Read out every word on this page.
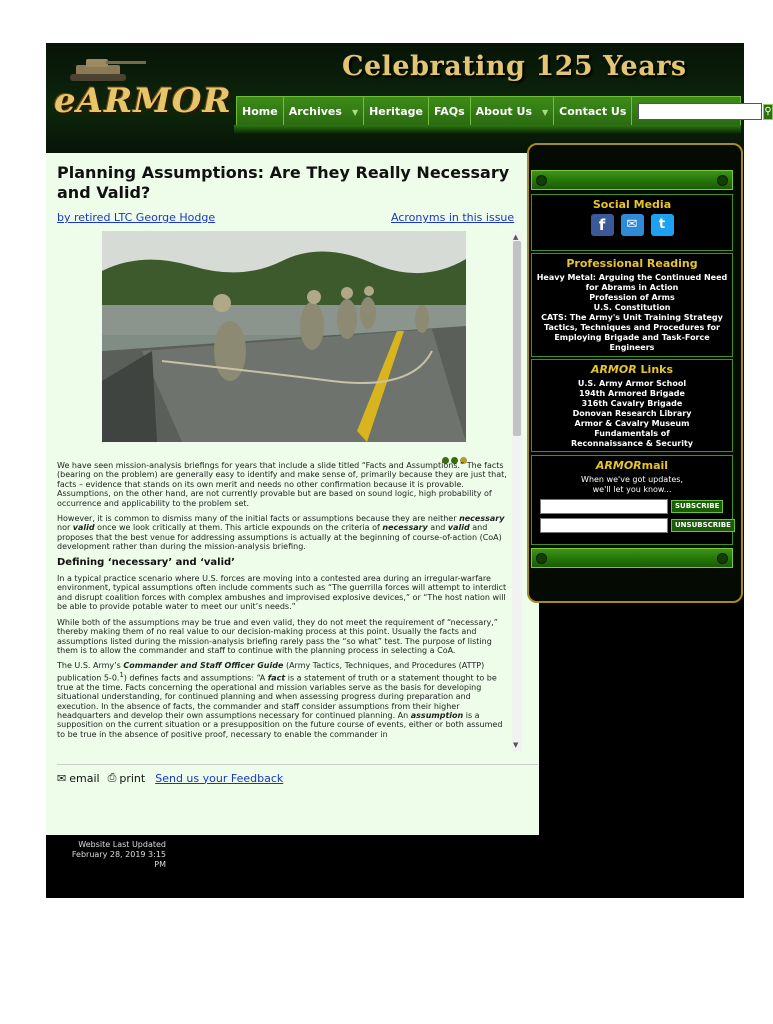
eARMOR
Celebrating 125 Years
Home	Archives ▼	Heritage	FAQs	About Us ▼	Contact Us	⚲
Planning Assumptions: Are They Really Necessary and Valid?
by retired LTC George Hodge	Acronyms in this issue

We have seen mission-analysis briefings for years that include a slide titled “Facts and Assumptions.” The facts (bearing on the problem) are generally easy to identify and make sense of, primarily because they are just that, facts – evidence that stands on its own merit and needs no other confirmation because it is provable. Assumptions, on the other hand, are not currently provable but are based on sound logic, high probability of occurrence and applicability to the problem set.

However, it is common to dismiss many of the initial facts or assumptions because they are neither necessary nor valid once we look critically at them. This article expounds on the criteria of necessary and valid and proposes that the best venue for addressing assumptions is actually at the beginning of course-of-action (CoA) development rather than during the mission-analysis briefing.

Defining ‘necessary’ and ‘valid’

In a typical practice scenario where U.S. forces are moving into a contested area during an irregular-warfare environment, typical assumptions often include comments such as “The guerrilla forces will attempt to interdict and disrupt coalition forces with complex ambushes and improvised explosive devices,” or “The host nation will be able to provide potable water to meet our unit’s needs.”

While both of the assumptions may be true and even valid, they do not meet the requirement of “necessary,” thereby making them of no real value to our decision-making process at this point. Usually the facts and assumptions listed during the mission-analysis briefing rarely pass the “so what” test. The purpose of listing them is to allow the commander and staff to continue with the planning process in selecting a CoA.

The U.S. Army’s Commander and Staff Officer Guide (Army Tactics, Techniques, and Procedures (ATTP) publication 5-0.$^1$) defines facts and assumptions: “A fact is a statement of truth or a statement thought to be true at the time. Facts concerning the operational and mission variables serve as the basis for developing situational understanding, for continued planning and when assessing progress during preparation and execution. In the absence of facts, the commander and staff consider assumptions from their higher headquarters and develop their own assumptions necessary for continued planning. An assumption is a supposition on the current situation or a presupposition on the future course of events, either or both assumed to be true in the absence of positive proof, necessary to enable the commander in

▲
▼
✉ email ⎙ print Send us your Feedback
Social Media
f	✉	t
Professional Reading
Heavy Metal: Arguing the Continued Need for Abrams in Action
Profession of Arms
U.S. Constitution
CATS: The Army's Unit Training Strategy
Tactics, Techniques and Procedures for Employing Brigade and Task-Force Engineers
ARMOR Links
U.S. Army Armor School
194th Armored Brigade
316th Cavalry Brigade
Donovan Research Library
Armor & Cavalry Museum
Fundamentals of
Reconnaissance & Security
ARMORmail
When we've got updates,
we'll let you know...
SUBSCRIBE
UNSUBSCRIBE
Website Last Updated
February 28, 2019 3:15
PM
